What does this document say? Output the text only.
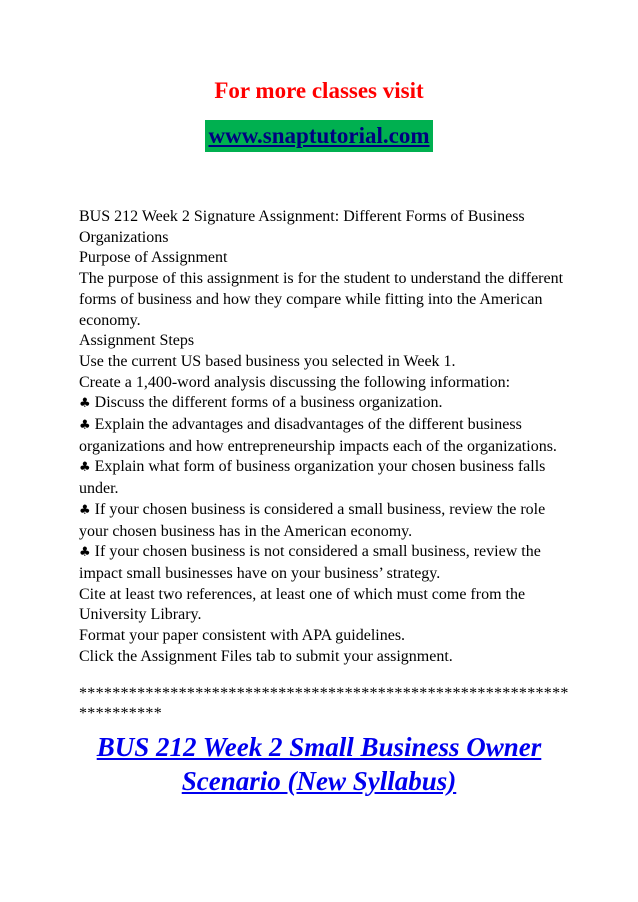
For more classes visit
www.snaptutorial.com

BUS 212 Week 2 Signature Assignment: Different Forms of Business Organizations

Purpose of Assignment

The purpose of this assignment is for the student to understand the different forms of business and how they compare while fitting into the American economy.

Assignment Steps

Use the current US based business you selected in Week 1.

Create a 1,400-word analysis discussing the following information:

♣ Discuss the different forms of a business organization.

♣ Explain the advantages and disadvantages of the different business organizations and how entrepreneurship impacts each of the organizations.

♣ Explain what form of business organization your chosen business falls under.

♣ If your chosen business is considered a small business, review the role your chosen business has in the American economy.

♣ If your chosen business is not considered a small business, review the impact small businesses have on your business’ strategy.

Cite at least two references, at least one of which must come from the University Library.

Format your paper consistent with APA guidelines.

Click the Assignment Files tab to submit your assignment.

*********************************************************************
BUS 212 Week 2 Small Business Owner Scenario (New Syllabus)
